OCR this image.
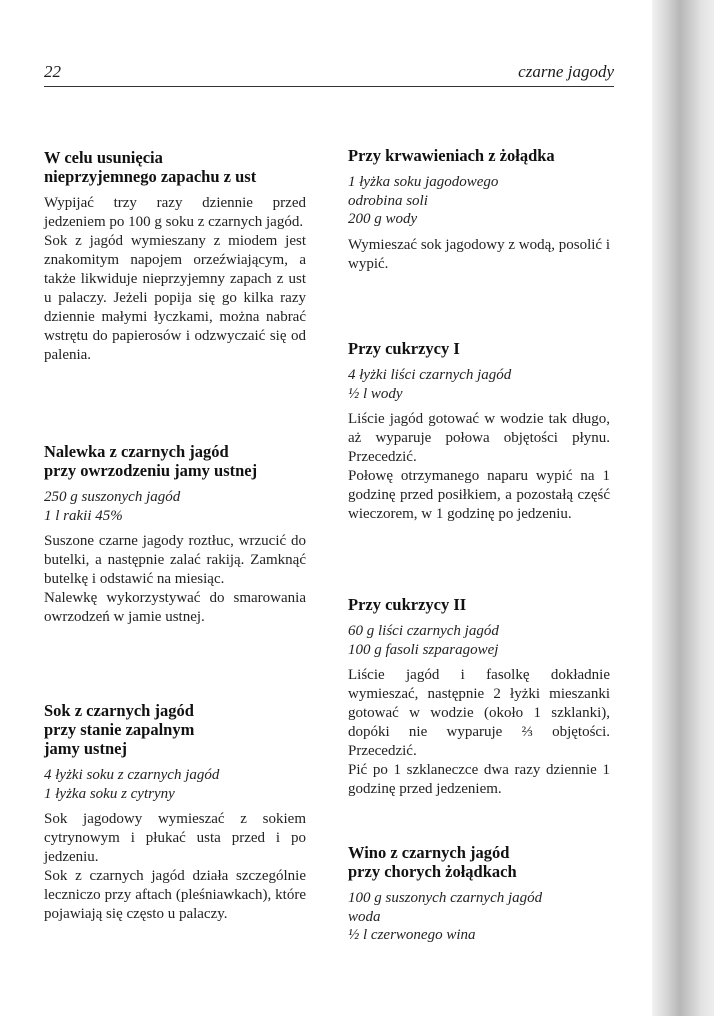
22	czarne jagody
W celu usunięcia
nieprzyjemnego zapachu z ust

Wypijać trzy razy dziennie przed jedzeniem po 100 g soku z czarnych jagód.

Sok z jagód wymieszany z miodem jest znakomitym napojem orzeźwiającym, a także likwiduje nieprzyjemny zapach z ust u palaczy. Jeżeli popija się go kilka razy dziennie małymi łyczkami, można nabrać wstrętu do papierosów i odzwyczaić się od palenia.

Nalewka z czarnych jagód
przy owrzodzeniu jamy ustnej
250 g suszonych jagód
1 l rakii 45%

Suszone czarne jagody roztłuc, wrzucić do butelki, a następnie zalać rakiją. Zamknąć butelkę i odstawić na miesiąc.

Nalewkę wykorzystywać do smarowania owrzodzeń w jamie ustnej.

Sok z czarnych jagód
przy stanie zapalnym
jamy ustnej
4 łyżki soku z czarnych jagód
1 łyżka soku z cytryny

Sok jagodowy wymieszać z sokiem cytrynowym i płukać usta przed i po jedzeniu.

Sok z czarnych jagód działa szczególnie leczniczo przy aftach (pleśniawkach), które pojawiają się często u palaczy.

Przy krwawieniach z żołądka
1 łyżka soku jagodowego
odrobina soli
200 g wody

Wymieszać sok jagodowy z wodą, posolić i wypić.

Przy cukrzycy I
4 łyżki liści czarnych jagód
½ l wody

Liście jagód gotować w wodzie tak długo, aż wyparuje połowa objętości płynu. Przecedzić.

Połowę otrzymanego naparu wypić na 1 godzinę przed posiłkiem, a pozostałą część wieczorem, w 1 godzinę po jedzeniu.

Przy cukrzycy II
60 g liści czarnych jagód
100 g fasoli szparagowej

Liście jagód i fasolkę dokładnie wymieszać, następnie 2 łyżki mieszanki gotować w wodzie (około 1 szklanki), dopóki nie wyparuje ⅔ objętości. Przecedzić.

Pić po 1 szklaneczce dwa razy dziennie 1 godzinę przed jedzeniem.

Wino z czarnych jagód
przy chorych żołądkach
100 g suszonych czarnych jagód
woda
½ l czerwonego wina
